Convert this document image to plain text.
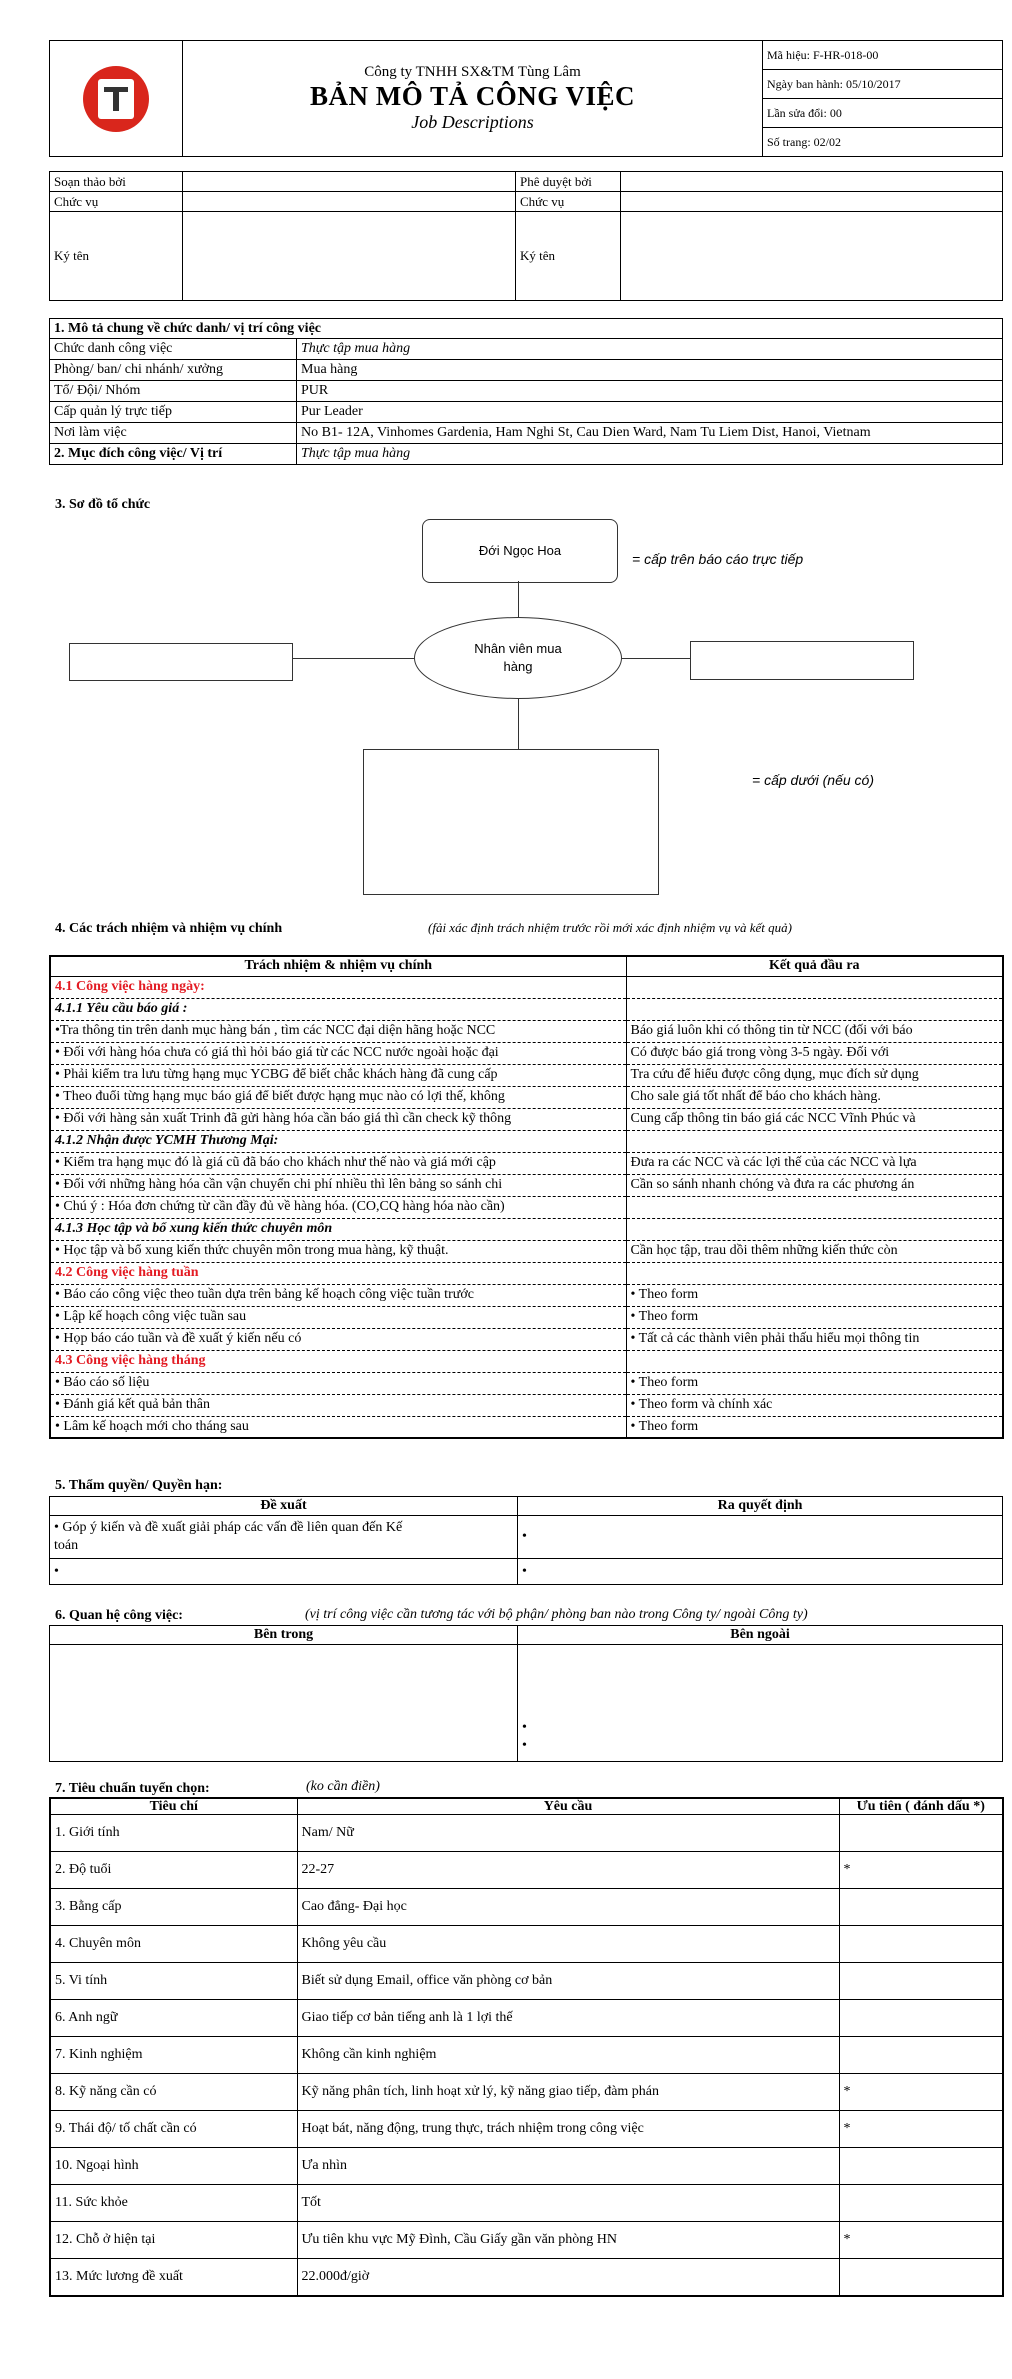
Công ty TNHH SX&TM Tùng Lâm
BẢN MÔ TẢ CÔNG VIỆC
Job Descriptions
	Mã hiệu: F-HR-018-00
Ngày ban hành: 05/10/2017
Lần sửa đổi: 00
Số trang: 02/02
Soạn thảo bởi		Phê duyệt bởi	
Chức vụ		Chức vụ	
Ký tên		Ký tên	
1. Mô tả chung về chức danh/ vị trí công việc	
Chức danh công việc	Thực tập mua hàng
Phòng/ ban/ chi nhánh/ xưởng	Mua hàng
Tổ/ Đội/ Nhóm	PUR
Cấp quản lý trực tiếp	Pur Leader
Nơi làm việc	No B1- 12A, Vinhomes Gardenia, Ham Nghi St, Cau Dien Ward, Nam Tu Liem Dist, Hanoi, Vietnam
2. Mục đích công việc/ Vị trí	Thực tập mua hàng
3. Sơ đồ tổ chức
Đới Ngọc Hoa
= cấp trên báo cáo trực tiếp
Nhân viên mua
hàng
= cấp dưới (nếu có)
4. Các trách nhiệm và nhiệm vụ chính	(fải xác định trách nhiệm trước rồi mới xác định nhiệm vụ và kết quả)
Trách nhiệm & nhiệm vụ chính	Kết quả đầu ra
4.1 Công việc hàng ngày:	
4.1.1 Yêu cầu báo giá :	
•Tra thông tin trên danh mục hàng bán , tìm các NCC đại diện hãng hoặc NCC	Báo giá luôn khi có thông tin từ NCC (đối với báo
• Đối với hàng hóa chưa có giá thì hỏi báo giá từ các NCC nước ngoài hoặc đại	Có được báo giá trong vòng 3-5 ngày. Đối với
• Phải kiểm tra lưu từng hạng mục YCBG để biết chắc khách hàng đã cung cấp	Tra cứu để hiểu được công dụng, mục đích sử dụng
• Theo đuổi từng hạng mục báo giá để biết được hạng mục nào có lợi thế, không	Cho sale giá tốt nhất để báo cho khách hàng.
• Đối với hàng sản xuất Trinh đã gửi hàng hóa cần báo giá thì cần check kỹ thông	Cung cấp thông tin báo giá các NCC Vĩnh Phúc và
4.1.2 Nhận được YCMH Thương Mại:	
• Kiểm tra hạng mục đó là giá cũ đã báo cho khách như thế nào và giá mới cập	Đưa ra các NCC và các lợi thế của các NCC và lựa
• Đối với những hàng hóa cần vận chuyển chi phí nhiều thì lên bảng so sánh chi	Cần so sánh nhanh chóng và đưa ra các phương án
• Chú ý : Hóa đơn chứng từ cần đầy đủ về hàng hóa. (CO,CQ hàng hóa nào cần)	
4.1.3 Học tập và bổ xung kiến thức chuyên môn	
• Học tập và bổ xung kiến thức chuyên môn trong mua hàng, kỹ thuật.	Cần học tập, trau dồi thêm những kiến thức còn
4.2 Công việc hàng tuần	
• Báo cáo công việc theo tuần dựa trên bảng kế hoạch công việc tuần trước	• Theo form
• Lập kế hoạch công việc tuần sau	• Theo form
• Họp báo cáo tuần và đề xuất ý kiến nếu có	• Tất cả các thành viên phải thấu hiểu mọi thông tin
4.3 Công việc hàng tháng	
• Báo cáo số liệu	• Theo form
• Đánh giá kết quả bản thân	• Theo form và chính xác
• Lâm kế hoạch mới cho tháng sau	• Theo form
5. Thẩm quyền/ Quyền hạn:
Đề xuất	Ra quyết định

• Góp ý kiến và đề xuất giải pháp các vấn đề liên quan đến Kế
toán	•
•	•
6. Quan hệ công việc:	(vị trí công việc cần tương tác với bộ phận/ phòng ban nào trong Công ty/ ngoài Công ty)
Bên trong	Bên ngoài

	•
•
7. Tiêu chuẩn tuyển chọn:	(ko cần điền)
Tiêu chí	Yêu cầu	Ưu tiên ( đánh dấu *)
1. Giới tính	Nam/ Nữ	
2. Độ tuổi	22-27	*
3. Bằng cấp	Cao đẳng- Đại học	
4. Chuyên môn	Không yêu cầu	
5. Vi tính	Biết sử dụng Email, office văn phòng cơ bản	
6. Anh ngữ	Giao tiếp cơ bản tiếng anh là 1 lợi thế	
7. Kinh nghiệm	Không cần kinh nghiệm	
8. Kỹ năng cần có	Kỹ năng phân tích, linh hoạt xử lý, kỹ năng giao tiếp, đàm phán	*
9. Thái độ/ tố chất cần có	Hoạt bát, năng động, trung thực, trách nhiệm trong công việc	*
10. Ngoại hình	Ưa nhìn	
11. Sức khỏe	Tốt	
12. Chỗ ở hiện tại	Ưu tiên khu vực Mỹ Đình, Cầu Giấy gần văn phòng HN	*
13. Mức lương đề xuất	22.000đ/giờ	
